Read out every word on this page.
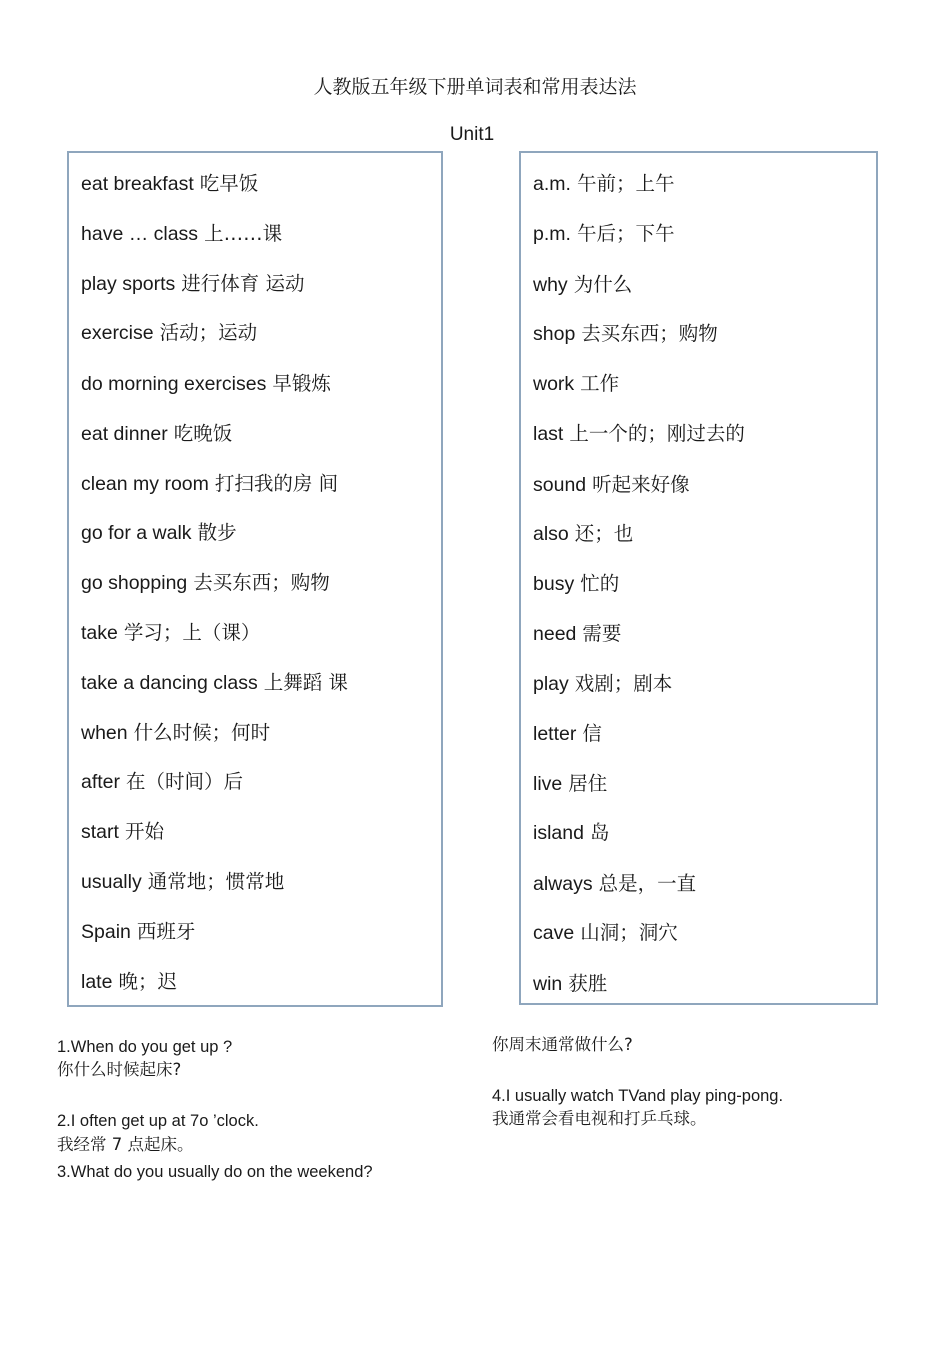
人教版五年级下册单词表和常用表达法
Unit1
eat breakfast 吃早饭
have … class 上……课
play sports 进行体育 运动
exercise 活动；运动
do morning exercises 早锻炼
eat dinner 吃晚饭
clean my room 打扫我的房 间
go for a walk 散步
go shopping 去买东西；购物
take 学习；上（课）
take a dancing class 上舞蹈 课
when 什么时候；何时
after 在（时间）后
start 开始
usually 通常地；惯常地
Spain 西班牙
late 晚；迟
a.m. 午前；上午
p.m. 午后；下午
why 为什么
shop 去买东西；购物
work 工作
last 上一个的；刚过去的
sound 听起来好像
also 还；也
busy 忙的
need 需要
play 戏剧；剧本
letter 信
live 居住
island 岛
always 总是，一直
cave 山洞；洞穴
win 获胜
1.When do you get up ?
你什么时候起床?
2.I often get up at 7o ’clock.
我经常 7 点起床。
3.What do you usually do on the weekend?
你周末通常做什么?
4.I usually watch TVand play ping-pong.
我通常会看电视和打乒乓球。
